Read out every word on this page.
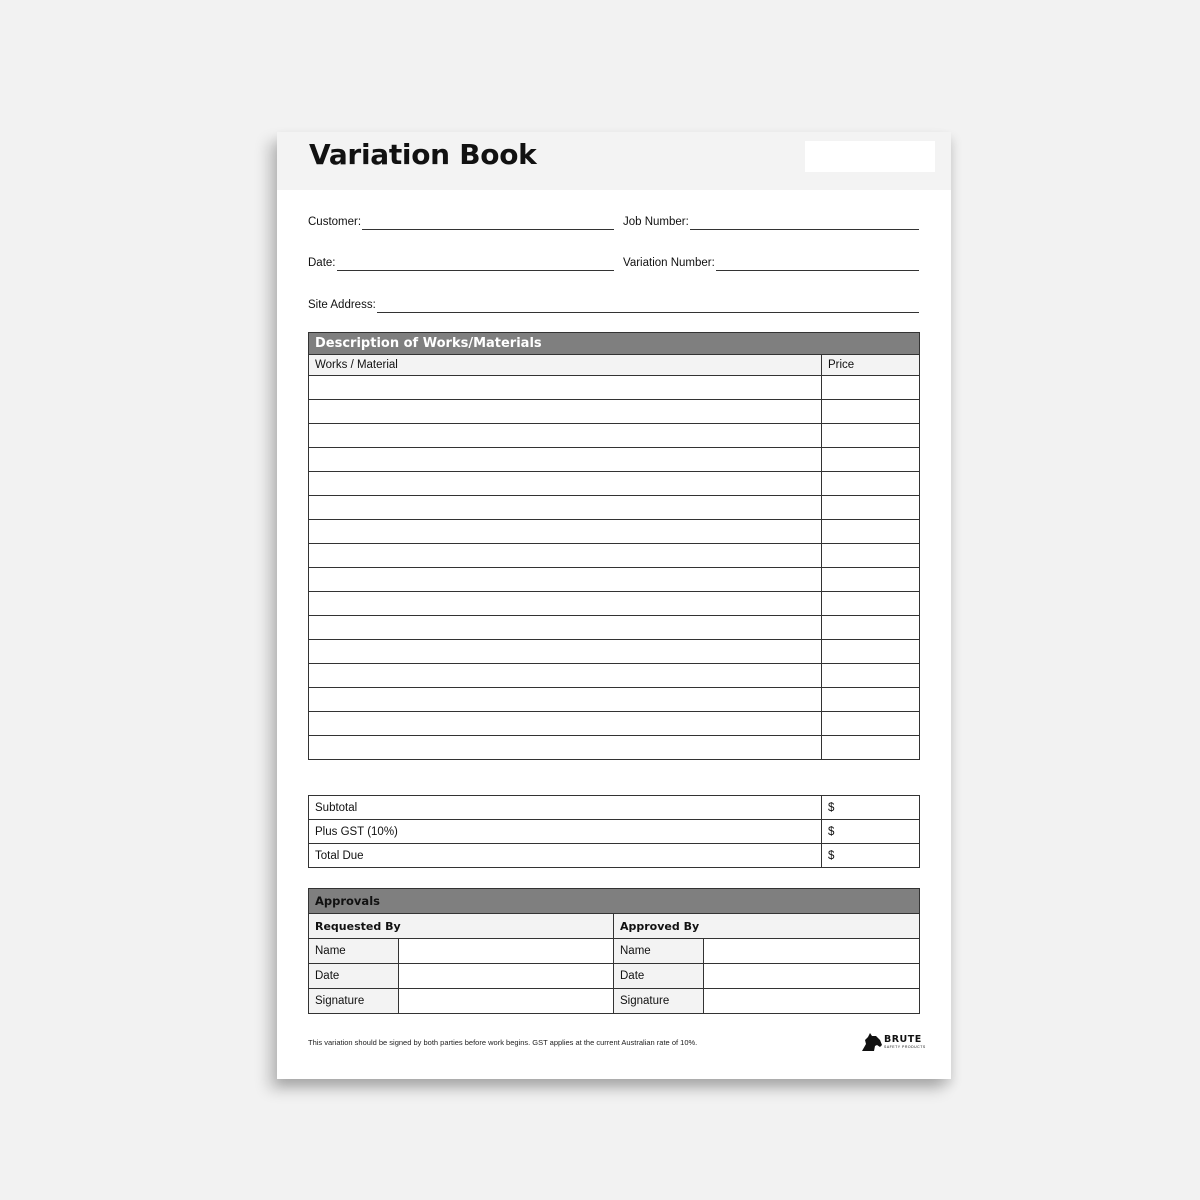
Variation Book
Customer:	Job Number:
Date:	Variation Number:
Site Address:
Description of Works/Materials	
Works / Material	Price

Subtotal	$
Plus GST (10%)	$
Total Due	$
Approvals			
Requested By		Approved By	
Name		Name	
Date		Date	
Signature		Signature	
This variation should be signed by both parties before work begins. GST applies at the current Australian rate of 10%.	BRUTE
SAFETY PRODUCTS
